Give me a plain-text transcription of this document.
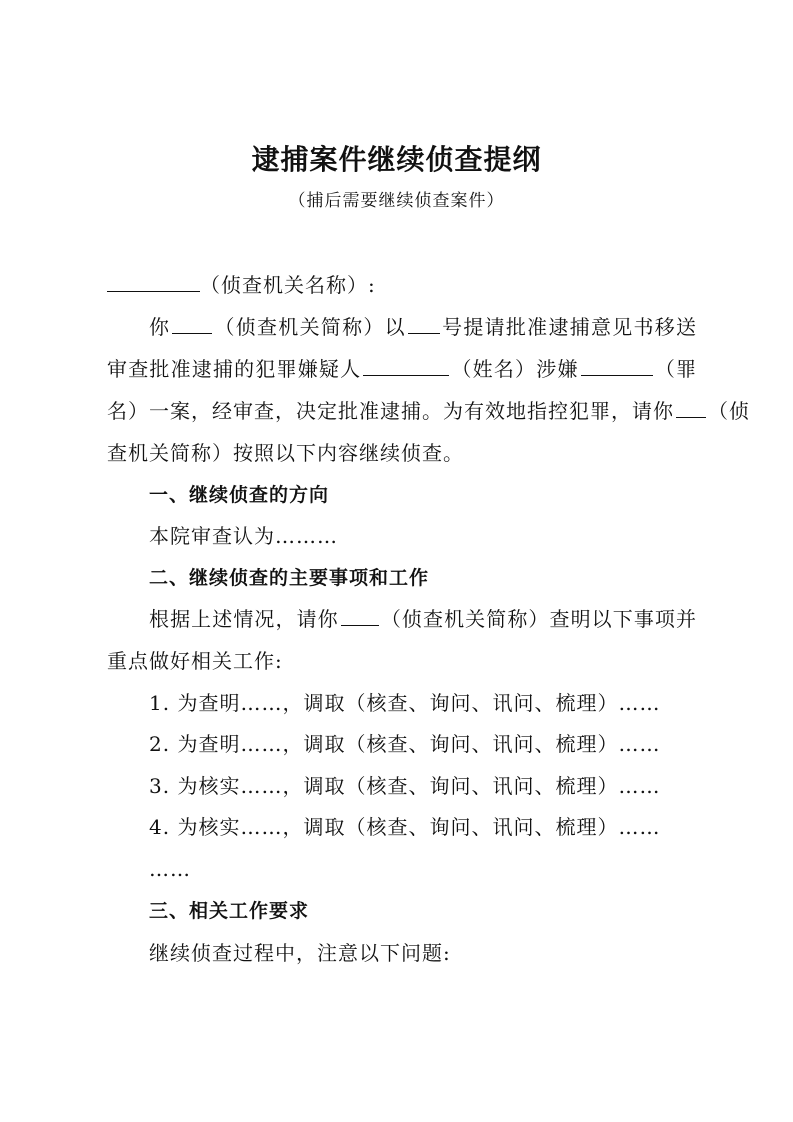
逮捕案件继续侦查提纲
（捕后需要继续侦查案件）
（侦查机关名称）:
你 （侦查机关简称）以 号提请批准逮捕意见书移送
审查批准逮捕的犯罪嫌疑人	（姓名）涉嫌	（罪
名）一案，经审查，决定批准逮捕。为有效地指控犯罪，请你 （侦
查机关简称）按照以下内容继续侦查。
一、继续侦查的方向
本院审查认为………
二、继续侦查的主要事项和工作
根据上述情况，请你 （侦查机关简称）查明以下事项并
重点做好相关工作:
1. 为查明……，调取（核查、询问、讯问、梳理）……
2. 为查明……，调取（核查、询问、讯问、梳理）……
3. 为核实……，调取（核查、询问、讯问、梳理）……
4. 为核实……，调取（核查、询问、讯问、梳理）……
……
三、相关工作要求
继续侦查过程中，注意以下问题:
